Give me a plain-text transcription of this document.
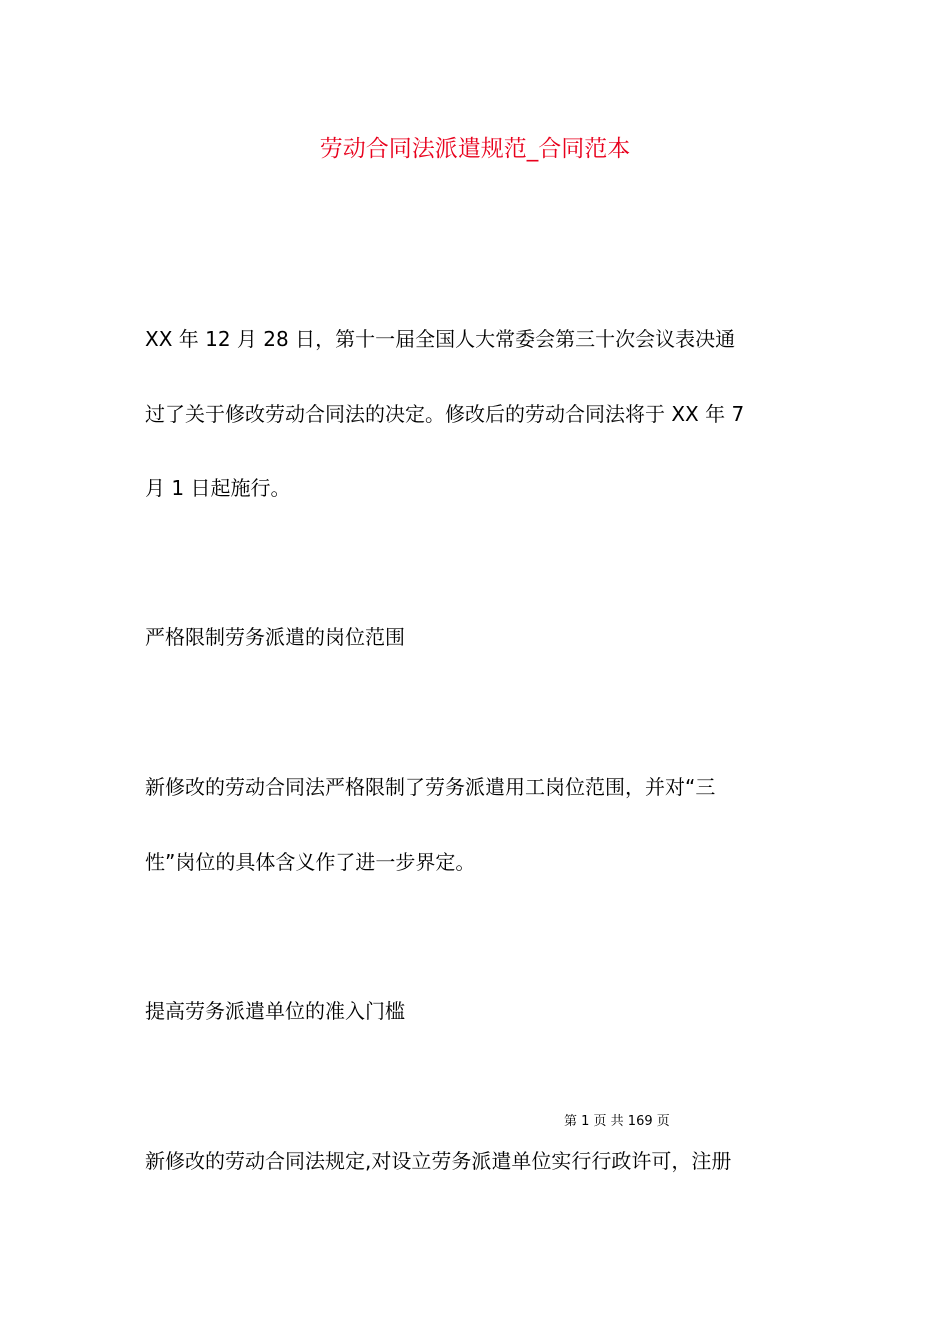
劳动合同法派遣规范_合同范本
XX 年 12 月 28 日，第十一届全国人大常委会第三十次会议表决通
过了关于修改劳动合同法的决定。修改后的劳动合同法将于 XX 年 7
月 1 日起施行。
严格限制劳务派遣的岗位范围
新修改的劳动合同法严格限制了劳务派遣用工岗位范围，并对“三
性”岗位的具体含义作了进一步界定。
提高劳务派遣单位的准入门槛
第 1 页 共 169 页
新修改的劳动合同法规定,对设立劳务派遣单位实行行政许可，注册
